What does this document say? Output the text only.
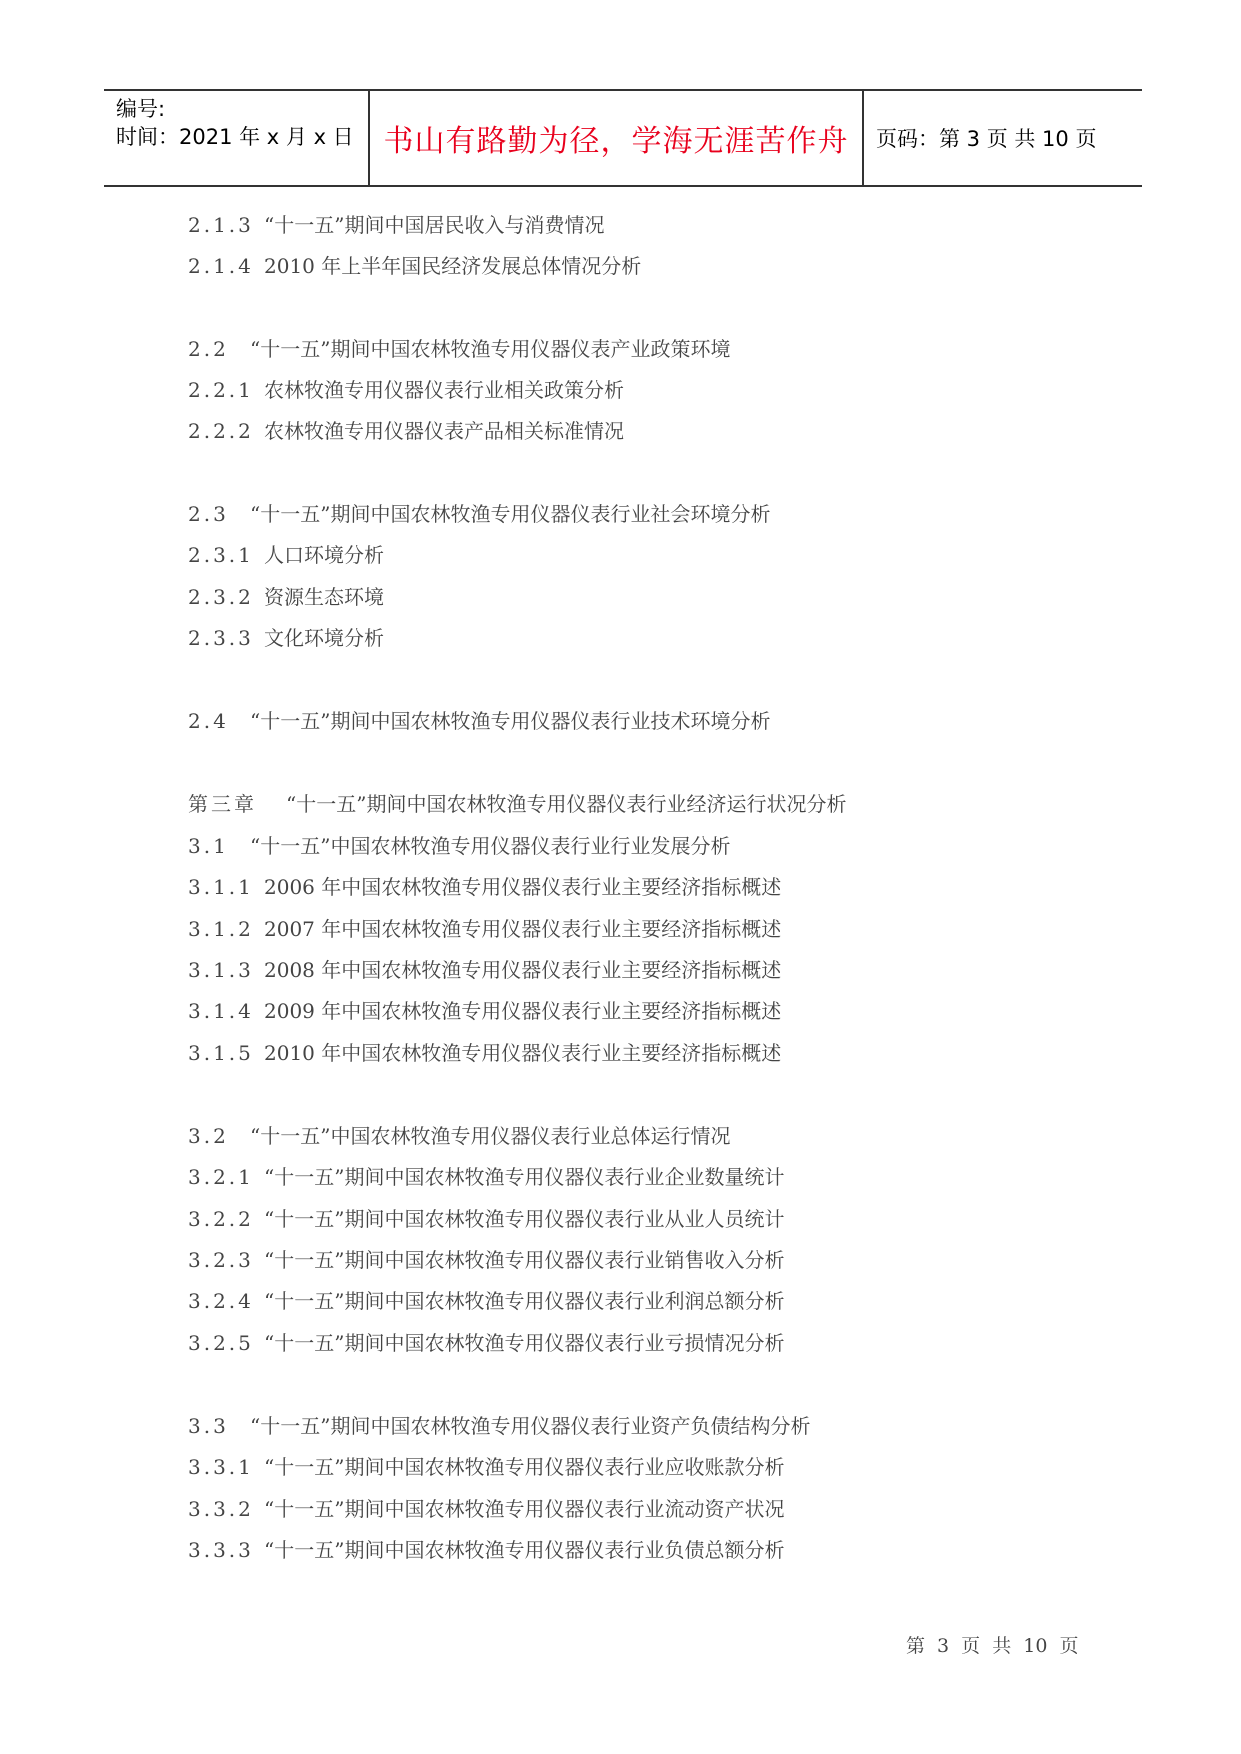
编号:
时间：2021 年 x 月 x 日 书山有路勤为径，学海无涯苦作舟	页码：第 3 页 共 10 页
2.1.3 “十一五”期间中国居民收入与消费情况
2.1.4 2010 年上半年国民经济发展总体情况分析
2.2 “十一五”期间中国农林牧渔专用仪器仪表产业政策环境
2.2.1 农林牧渔专用仪器仪表行业相关政策分析
2.2.2 农林牧渔专用仪器仪表产品相关标准情况
2.3 “十一五”期间中国农林牧渔专用仪器仪表行业社会环境分析
2.3.1 人口环境分析
2.3.2 资源生态环境
2.3.3 文化环境分析
2.4 “十一五”期间中国农林牧渔专用仪器仪表行业技术环境分析
第三章 “十一五”期间中国农林牧渔专用仪器仪表行业经济运行状况分析
3.1 “十一五”中国农林牧渔专用仪器仪表行业行业发展分析
3.1.1 2006 年中国农林牧渔专用仪器仪表行业主要经济指标概述
3.1.2 2007 年中国农林牧渔专用仪器仪表行业主要经济指标概述
3.1.3 2008 年中国农林牧渔专用仪器仪表行业主要经济指标概述
3.1.4 2009 年中国农林牧渔专用仪器仪表行业主要经济指标概述
3.1.5 2010 年中国农林牧渔专用仪器仪表行业主要经济指标概述
3.2 “十一五”中国农林牧渔专用仪器仪表行业总体运行情况
3.2.1 “十一五”期间中国农林牧渔专用仪器仪表行业企业数量统计
3.2.2 “十一五”期间中国农林牧渔专用仪器仪表行业从业人员统计
3.2.3 “十一五”期间中国农林牧渔专用仪器仪表行业销售收入分析
3.2.4 “十一五”期间中国农林牧渔专用仪器仪表行业利润总额分析
3.2.5 “十一五”期间中国农林牧渔专用仪器仪表行业亏损情况分析
3.3 “十一五”期间中国农林牧渔专用仪器仪表行业资产负债结构分析
3.3.1 “十一五”期间中国农林牧渔专用仪器仪表行业应收账款分析
3.3.2 “十一五”期间中国农林牧渔专用仪器仪表行业流动资产状况
3.3.3 “十一五”期间中国农林牧渔专用仪器仪表行业负债总额分析
第 3 页 共 10 页
